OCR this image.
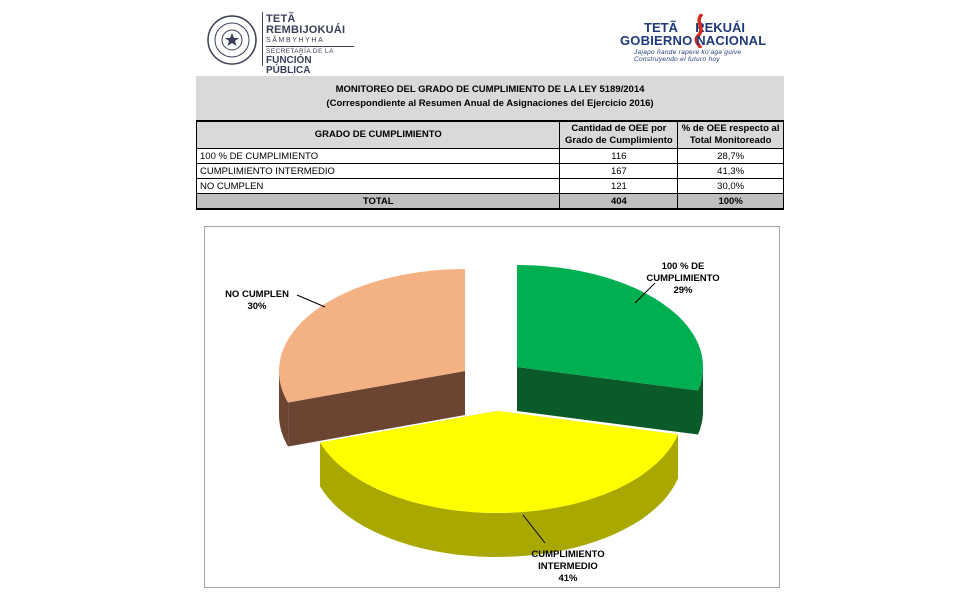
TETÃ
REMBIJOKUÁI
SÃMBYHYHA
SECRETARÍA DE LA
FUNCIÓN
PÚBLICA
TETÃ REKUÁI
GOBIERNO NACIONAL
Jajapo ñande rapere ko'aga guive
Construyendo el futuro hoy
MONITOREO DEL GRADO DE CUMPLIMIENTO DE LA LEY 5189/2014
(Correspondiente al Resumen Anual de Asignaciones del Ejercicio 2016)
GRADO DE CUMPLIMIENTO	Cantidad de OEE por Grado de Cumplimiento	% de OEE respecto al Total Monitoreado
100 % DE CUMPLIMIENTO	116	28,7%
CUMPLIMIENTO INTERMEDIO	167	41,3%
NO CUMPLEN	121	30,0%
TOTAL	404	100%
100 % DE
CUMPLIMIENTO
29%
CUMPLIMIENTO
INTERMEDIO
41%
NO CUMPLEN
30%
